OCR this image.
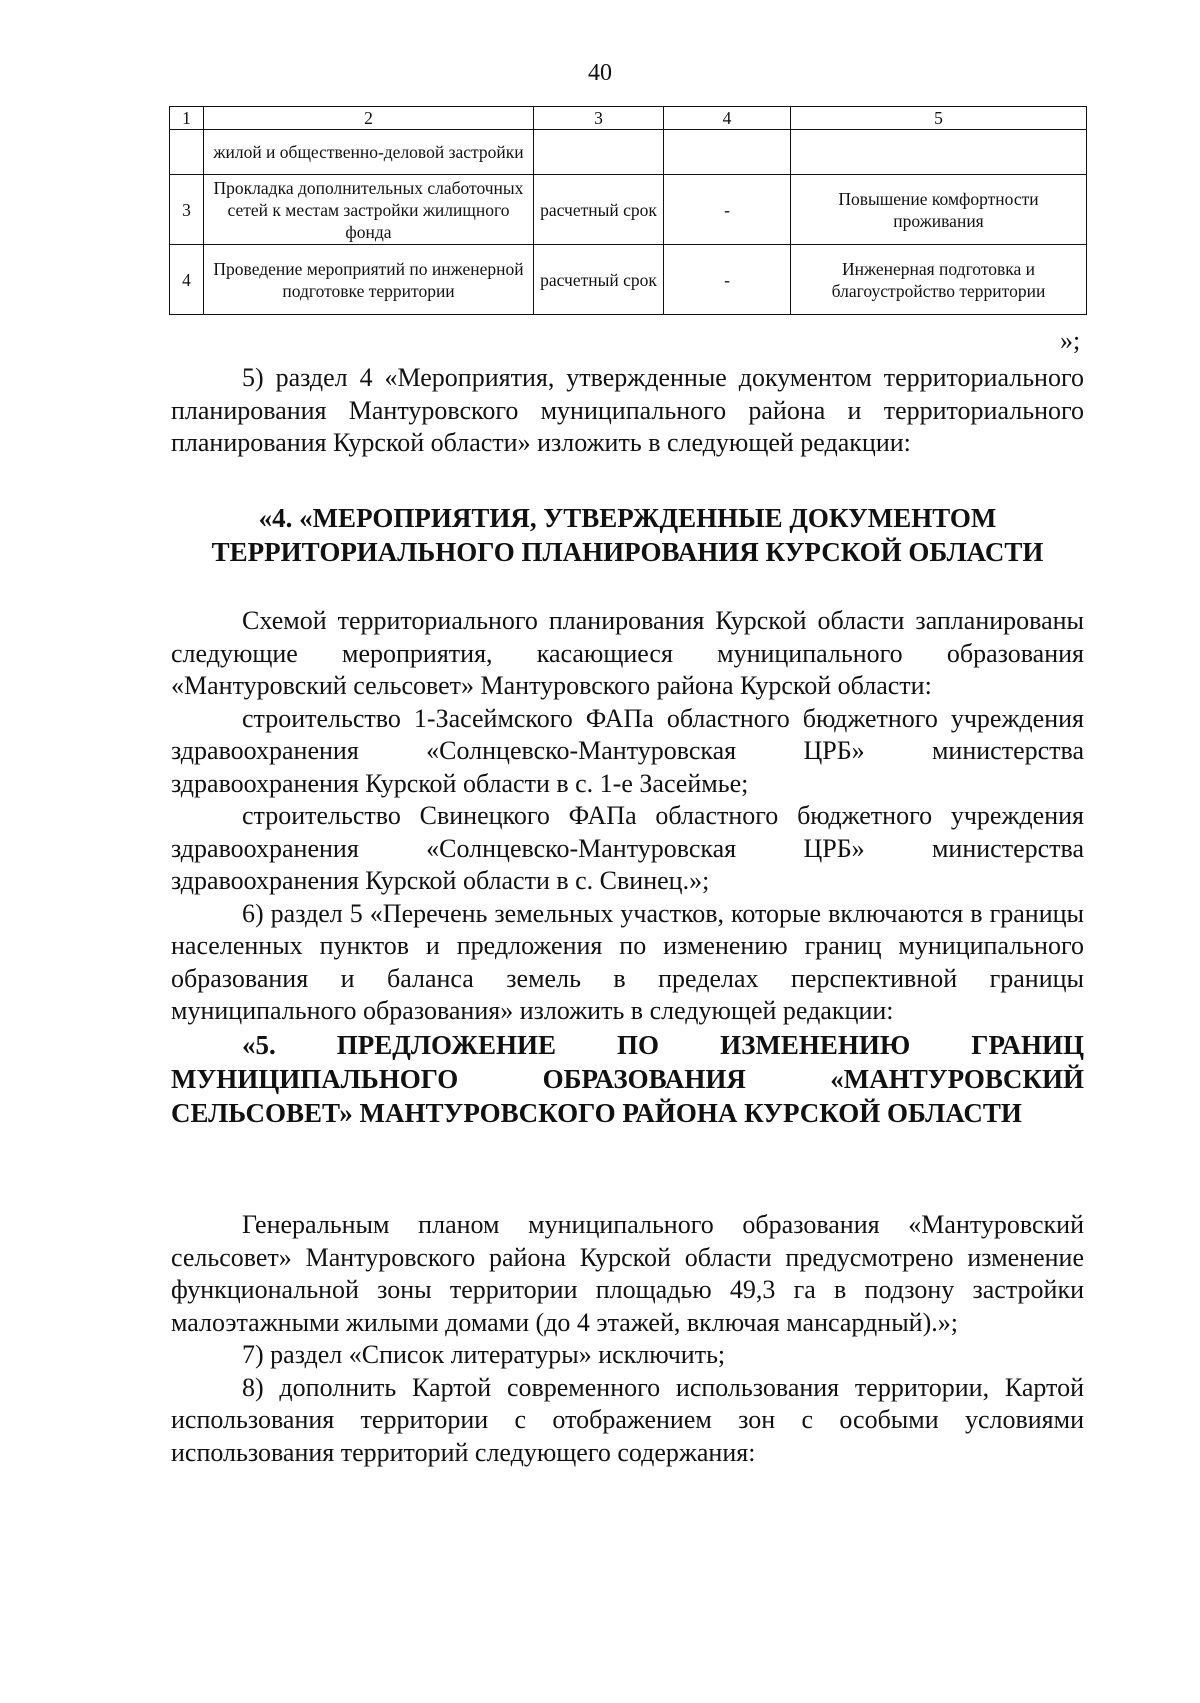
40
1	2	3	4	5
	жилой и общественно-деловой застройки			
3	Прокладка дополнительных слаботочных сетей к местам застройки жилищного фонда	расчетный срок	-	Повышение комфортности проживания
4	Проведение мероприятий по инженерной подготовке территории	расчетный срок	-	Инженерная подготовка и благоустройство территории
»;

5) раздел 4 «Мероприятия, утвержденные документом территориального планирования Мантуровского муниципального района и территориального планирования Курской области» изложить в следующей редакции:

«4. «МЕРОПРИЯТИЯ, УТВЕРЖДЕННЫЕ ДОКУМЕНТОМ ТЕРРИТОРИАЛЬНОГО ПЛАНИРОВАНИЯ КУРСКОЙ ОБЛАСТИ

Схемой территориального планирования Курской области запланированы следующие мероприятия, касающиеся муниципального образования «Мантуровский сельсовет» Мантуровского района Курской области:

строительство 1-Засеймского ФАПа областного бюджетного учреждения здравоохранения «Солнцевско-Мантуровская ЦРБ» министерства здравоохранения Курской области в с. 1-е Засеймье;

строительство Свинецкого ФАПа областного бюджетного учреждения здравоохранения «Солнцевско-Мантуровская ЦРБ» министерства здравоохранения Курской области в с. Свинец.»;

6) раздел 5 «Перечень земельных участков, которые включаются в границы населенных пунктов и предложения по изменению границ муниципального образования и баланса земель в пределах перспективной границы муниципального образования» изложить в следующей редакции:

«5. ПРЕДЛОЖЕНИЕ ПО ИЗМЕНЕНИЮ ГРАНИЦ МУНИЦИПАЛЬНОГО ОБРАЗОВАНИЯ «МАНТУРОВСКИЙ
СЕЛЬСОВЕТ» МАНТУРОВСКОГО РАЙОНА КУРСКОЙ ОБЛАСТИ

Генеральным планом муниципального образования «Мантуровский сельсовет» Мантуровского района Курской области предусмотрено изменение функциональной зоны территории площадью 49,3 га в подзону застройки малоэтажными жилыми домами (до 4 этажей, включая мансардный).»;

7) раздел «Список литературы» исключить;

8) дополнить Картой современного использования территории, Картой использования территории с отображением зон с особыми условиями использования территорий следующего содержания:
